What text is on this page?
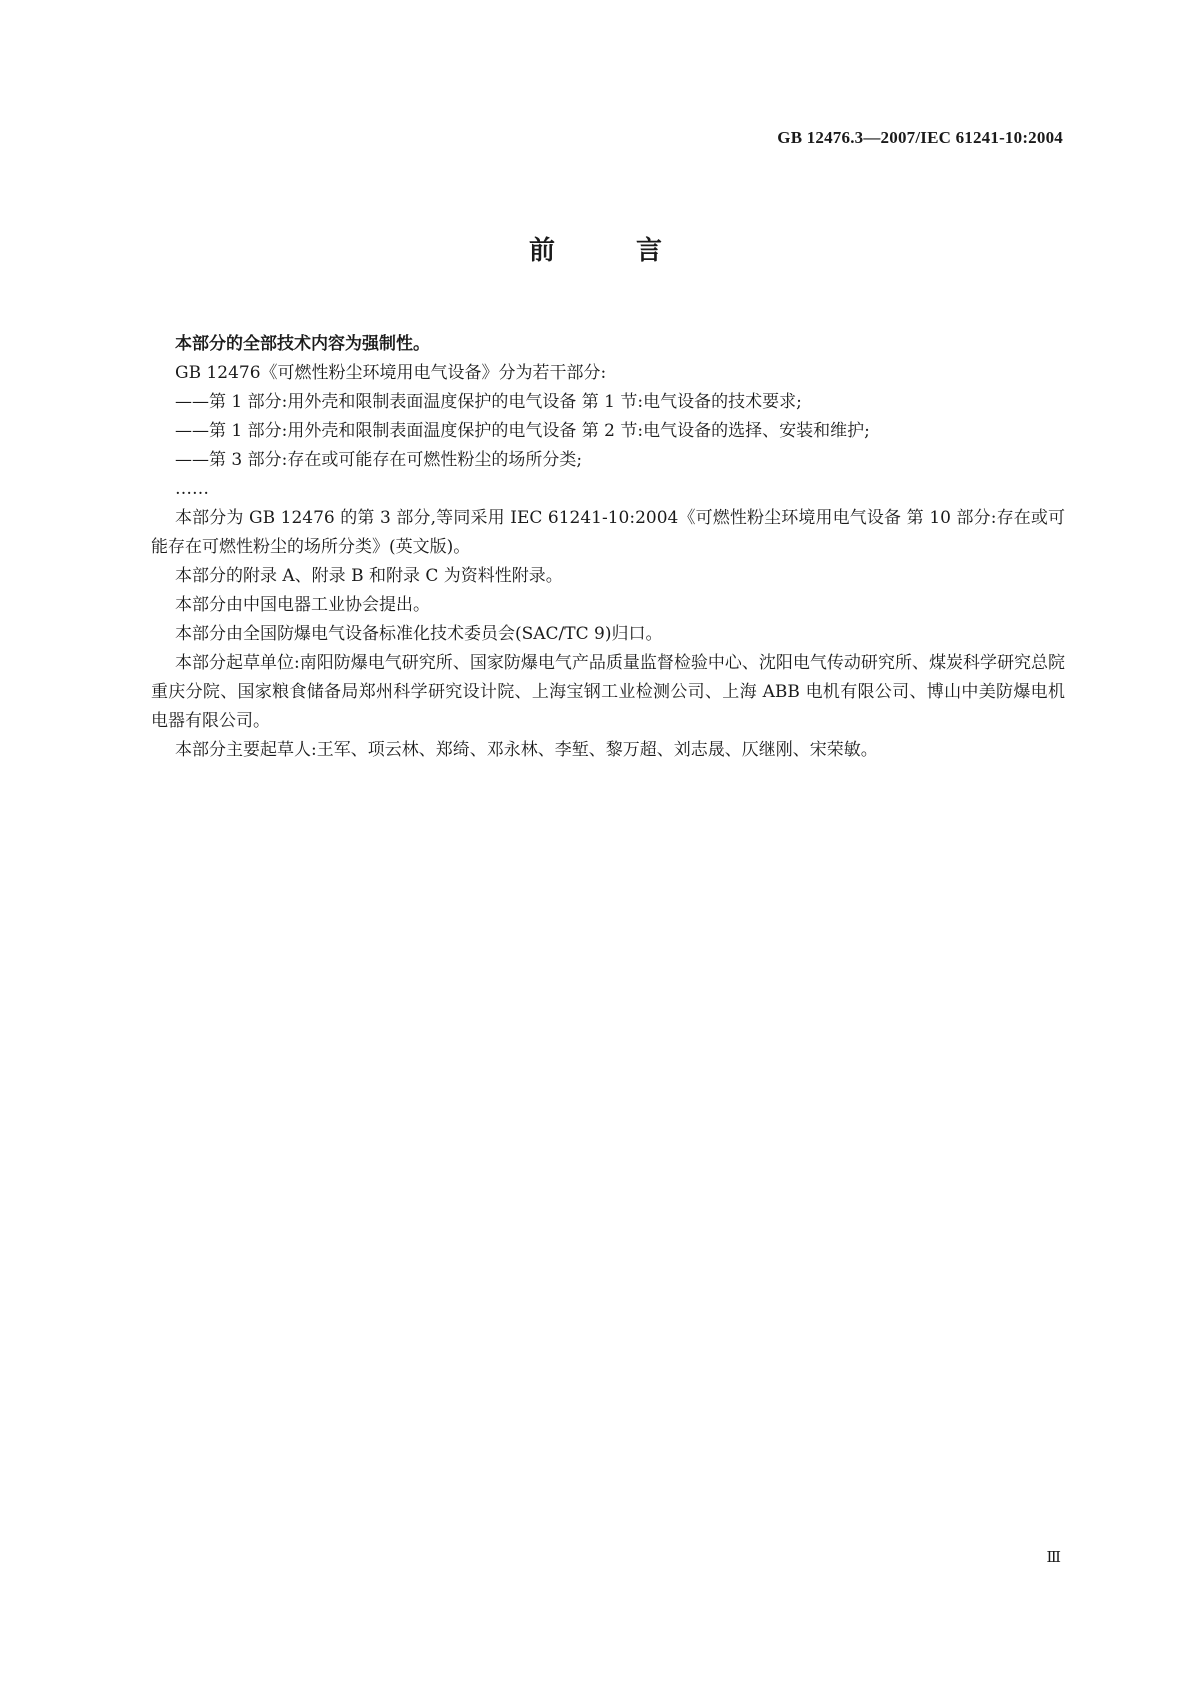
GB 12476.3—2007/IEC 61241-10:2004
前 言

本部分的全部技术内容为强制性。

GB 12476《可燃性粉尘环境用电气设备》分为若干部分:

——第 1 部分:用外壳和限制表面温度保护的电气设备 第 1 节:电气设备的技术要求;

——第 1 部分:用外壳和限制表面温度保护的电气设备 第 2 节:电气设备的选择、安装和维护;

——第 3 部分:存在或可能存在可燃性粉尘的场所分类;

……

本部分为 GB 12476 的第 3 部分,等同采用 IEC 61241-10:2004《可燃性粉尘环境用电气设备 第 10 部分:存在或可能存在可燃性粉尘的场所分类》(英文版)。

本部分的附录 A、附录 B 和附录 C 为资料性附录。

本部分由中国电器工业协会提出。

本部分由全国防爆电气设备标准化技术委员会(SAC/TC 9)归口。

本部分起草单位:南阳防爆电气研究所、国家防爆电气产品质量监督检验中心、沈阳电气传动研究所、煤炭科学研究总院重庆分院、国家粮食储备局郑州科学研究设计院、上海宝钢工业检测公司、上海 ABB 电机有限公司、博山中美防爆电机电器有限公司。

本部分主要起草人:王军、项云林、郑绮、邓永林、李堑、黎万超、刘志晟、仄继刚、宋荣敏。

Ⅲ
